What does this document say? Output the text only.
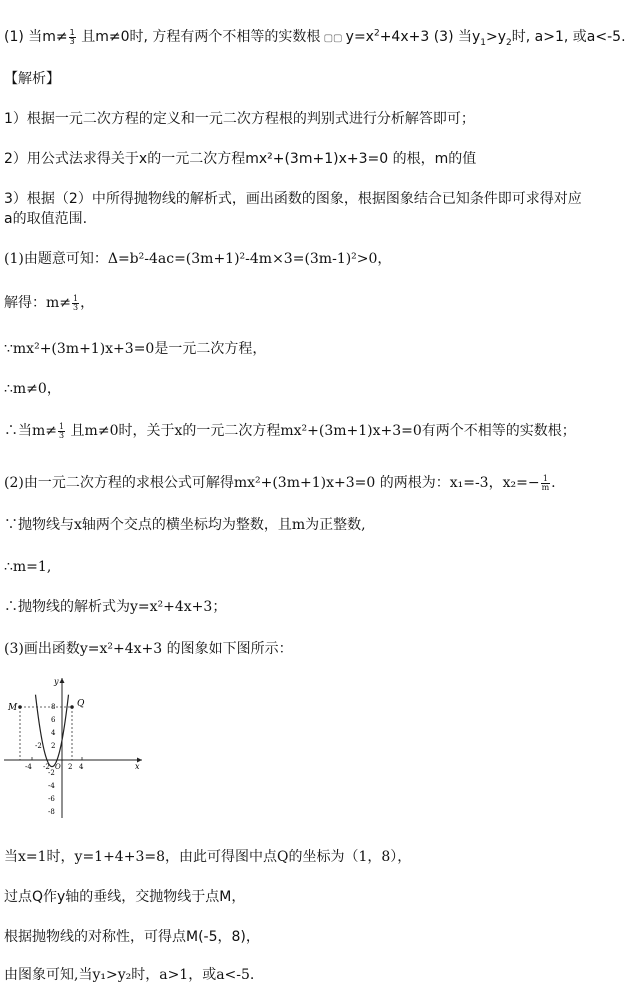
(1) 当$m\ne \frac{1}{3}$ 且m≠0时, 方程有两个不相等的实数根 ▢▢ $y=x^2+4x+3$ (3) 当$y_1>y_2$时, a>1, 或a<-5.
【解析】
1）根据一元二次方程的定义和一元二次方程根的判别式进行分析解答即可；
2）用公式法求得关于x的一元二次方程mx²+(3m+1)x+3=0 的根，m的值
3）根据（2）中所得抛物线的解析式，画出函数的图象，根据图象结合已知条件即可求得对应
a的取值范围.
(1)由题意可知：Δ=b²-4ac=(3m+1)²-4m×3=(3m-1)²>0，
解得：$m\ne \frac{1}{3}$ ，
∵mx²+(3m+1)x+3=0是一元二次方程，
∴m≠0，
∴当$m\ne \frac{1}{3}$ 且m≠0时，关于x的一元二次方程mx²+(3m+1)x+3=0有两个不相等的实数根；
(2)由一元二次方程的求根公式可解得mx²+(3m+1)x+3=0 的两根为：x₁=-3，$x_2=- \frac{1}{m}$ .
∵抛物线与x轴两个交点的横坐标均为整数，且m为正整数,
∴m=1,
∴抛物线的解析式为y=x²+4x+3；
(3)画出函数y=x²+4x+3 的图象如下图所示：
M	Q
y
x
O
8
6
4
2
-2
-4
-6
-8
-2
-4 -2	2 4
当x=1时，y=1+4+3=8，由此可得图中点Q的坐标为（1，8），
过点Q作y轴的垂线，交抛物线于点M，
根据抛物线的对称性，可得点M(-5，8)，
由图象可知,当y₁>y₂时，a>1，或a<-5.
